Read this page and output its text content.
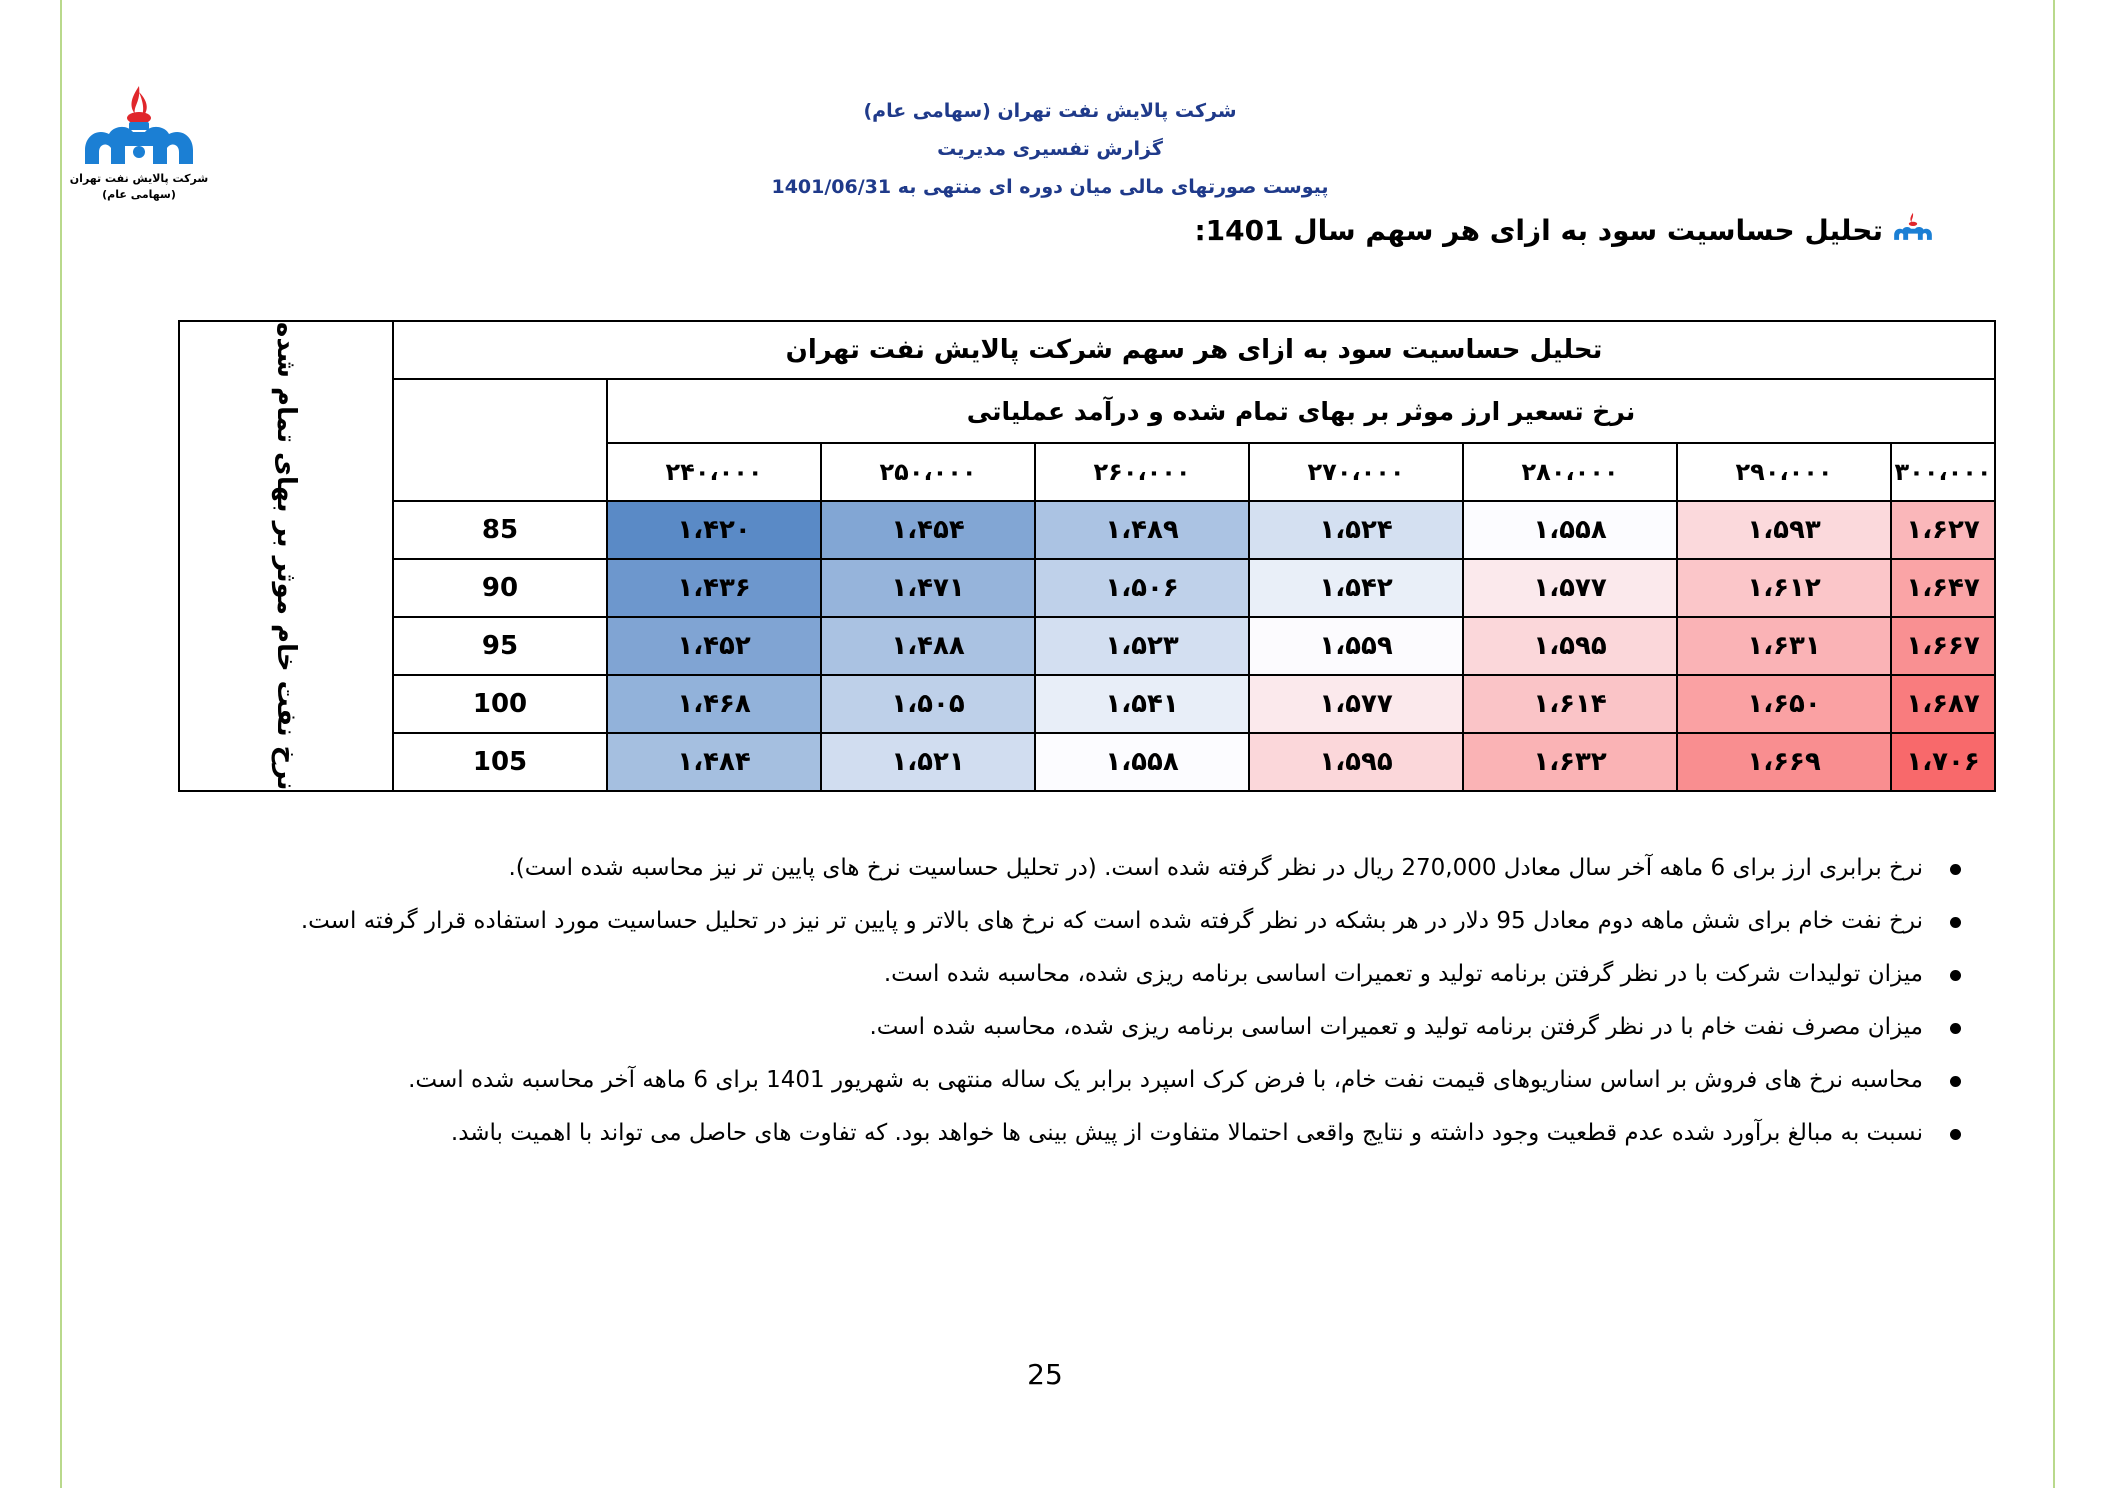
شرکت پالایش نفت تهران
(سهامی عام)
شرکت پالایش نفت تهران (سهامی عام)
گزارش تفسیری مدیریت
پیوست صورتهای مالی میان دوره ای منتهی به 1401/06/31
تحلیل حساسیت سود به ازای هر سهم سال 1401:
تحلیل حساسیت سود به ازای هر سهم شرکت پالایش نفت تهران								نرخ نفت خام موثر بر بهای تمام شده

نرخ تسعیر ارز موثر بر بهای تمام شده و درآمد عملیاتی								
۳۰۰،۰۰۰	۲۹۰،۰۰۰	۲۸۰،۰۰۰	۲۷۰،۰۰۰	۲۶۰،۰۰۰	۲۵۰،۰۰۰	۲۴۰،۰۰۰		
۱،۶۲۷	۱،۵۹۳	۱،۵۵۸	۱،۵۲۴	۱،۴۸۹	۱،۴۵۴	۱،۴۲۰	85	
۱،۶۴۷	۱،۶۱۲	۱،۵۷۷	۱،۵۴۲	۱،۵۰۶	۱،۴۷۱	۱،۴۳۶	90	
۱،۶۶۷	۱،۶۳۱	۱،۵۹۵	۱،۵۵۹	۱،۵۲۳	۱،۴۸۸	۱،۴۵۲	95	
۱،۶۸۷	۱،۶۵۰	۱،۶۱۴	۱،۵۷۷	۱،۵۴۱	۱،۵۰۵	۱،۴۶۸	100	
۱،۷۰۶	۱،۶۶۹	۱،۶۳۲	۱،۵۹۵	۱،۵۵۸	۱،۵۲۱	۱،۴۸۴	105	
نرخ برابری ارز برای 6 ماهه آخر سال معادل 270,000 ریال در نظر گرفته شده است. (در تحلیل حساسیت نرخ های پایین تر نیز محاسبه شده است).
نرخ نفت خام برای شش ماهه دوم معادل 95 دلار در هر بشکه در نظر گرفته شده است که نرخ های بالاتر و پایین تر نیز در تحلیل حساسیت مورد استفاده قرار گرفته است.
میزان تولیدات شرکت با در نظر گرفتن برنامه تولید و تعمیرات اساسی برنامه ریزی شده، محاسبه شده است.
میزان مصرف نفت خام با در نظر گرفتن برنامه تولید و تعمیرات اساسی برنامه ریزی شده، محاسبه شده است.
محاسبه نرخ های فروش بر اساس سناریوهای قیمت نفت خام، با فرض کرک اسپرد برابر یک ساله منتهی به شهریور 1401 برای 6 ماهه آخر محاسبه شده است.
نسبت به مبالغ برآورد شده عدم قطعیت وجود داشته و نتایج واقعی احتمالا متفاوت از پیش بینی ها خواهد بود. که تفاوت های حاصل می تواند با اهمیت باشد.
25
